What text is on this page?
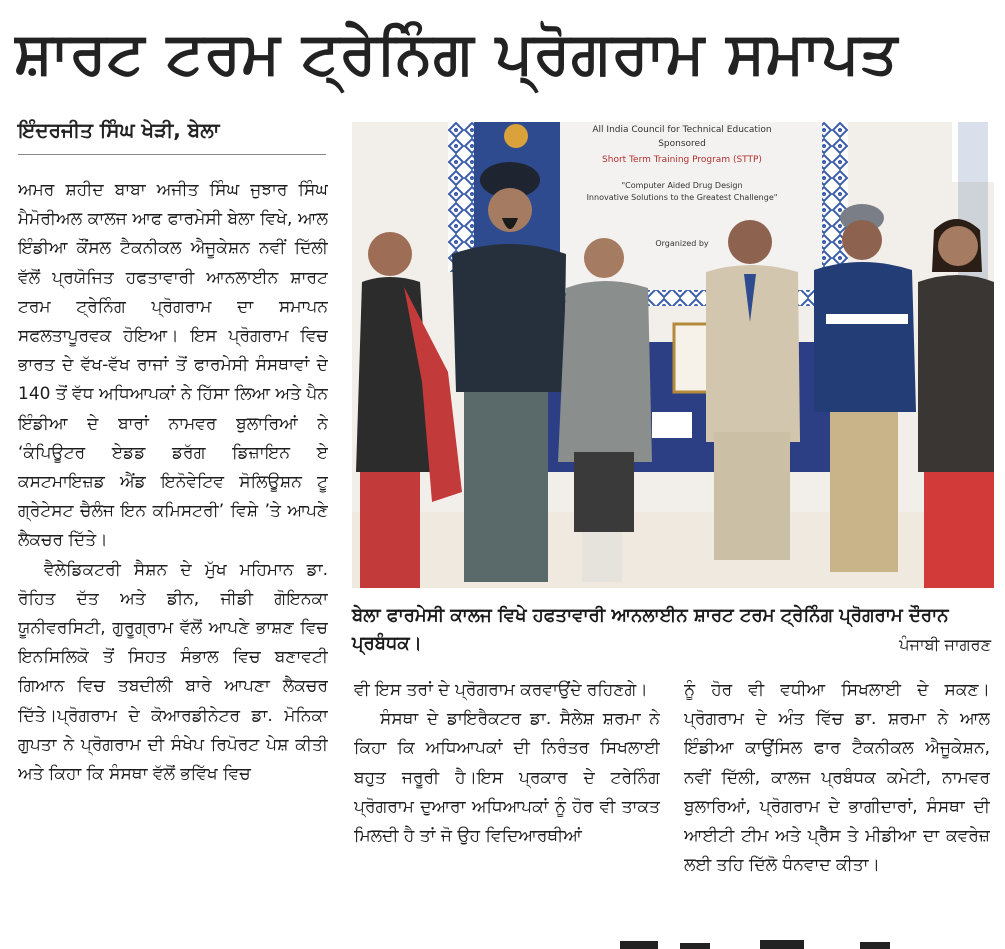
ਸ਼ਾਰਟ ਟਰਮ ਟ੍ਰੇਨਿੰਗ ਪ੍ਰੋਗਰਾਮ ਸਮਾਪਤ
ਇੰਦਰਜੀਤ ਸਿੰਘ ਖੇੜੀ, ਬੇਲਾ

ਅਮਰ ਸ਼ਹੀਦ ਬਾਬਾ ਅਜੀਤ ਸਿੰਘ ਜੁਝਾਰ ਸਿੰਘ ਮੈਮੋਰੀਅਲ ਕਾਲਜ ਆਫ ਫਾਰਮੇਸੀ ਬੇਲਾ ਵਿਖੇ, ਆਲ ਇੰਡੀਆ ਕੌਂਸਲ ਟੈਕਨੀਕਲ ਐਜੂਕੇਸ਼ਨ ਨਵੀਂ ਦਿੱਲੀ ਵੱਲੋਂ ਪ੍ਰਯੋਜਿਤ ਹਫਤਾਵਾਰੀ ਆਨਲਾਈਨ ਸ਼ਾਰਟ ਟਰਮ ਟ੍ਰੇਨਿੰਗ ਪ੍ਰੋਗਰਾਮ ਦਾ ਸਮਾਪਨ ਸਫਲਤਾਪੂਰਵਕ ਹੋਇਆ। ਇਸ ਪ੍ਰੋਗਰਾਮ ਵਿਚ ਭਾਰਤ ਦੇ ਵੱਖ-ਵੱਖ ਰਾਜਾਂ ਤੋਂ ਫਾਰਮੇਸੀ ਸੰਸਥਾਵਾਂ ਦੇ 140 ਤੋਂ ਵੱਧ ਅਧਿਆਪਕਾਂ ਨੇ ਹਿੱਸਾ ਲਿਆ ਅਤੇ ਪੈਨ ਇੰਡੀਆ ਦੇ ਬਾਰਾਂ ਨਾਮਵਰ ਬੁਲਾਰਿਆਂ ਨੇ ‘ਕੰਪਿਊਟਰ ਏਡਡ ਡਰੱਗ ਡਿਜ਼ਾਇਨ ਏ ਕਸਟਮਾਇਜ਼ਡ ਐਂਡ ਇਨੋਵੇਟਿਵ ਸੋਲਿਊਸ਼ਨ ਟੂ ਗ੍ਰੇਟੇਸਟ ਚੈਲੰਜ ਇਨ ਕਮਿਸਟਰੀ’ ਵਿਸ਼ੇ ’ਤੇ ਆਪਣੇ ਲੈਕਚਰ ਦਿੱਤੇ।

ਵੈਲੇਡਿਕਟਰੀ ਸੈਸ਼ਨ ਦੇ ਮੁੱਖ ਮਹਿਮਾਨ ਡਾ. ਰੋਹਿਤ ਦੱਤ ਅਤੇ ਡੀਨ, ਜੀਡੀ ਗੋਇਨਕਾ ਯੂਨੀਵਰਸਿਟੀ, ਗੁਰੂਗ੍ਰਾਮ ਵੱਲੋਂ ਆਪਣੇ ਭਾਸ਼ਣ ਵਿਚ ਇਨਸਿਲਿਕੋ ਤੋਂ ਸਿਹਤ ਸੰਭਾਲ ਵਿਚ ਬਣਾਵਟੀ ਗਿਆਨ ਵਿਚ ਤਬਦੀਲੀ ਬਾਰੇ ਆਪਣਾ ਲੈਕਚਰ ਦਿੱਤੇ।ਪ੍ਰੋਗਰਾਮ ਦੇ ਕੋਆਰਡੀਨੇਟਰ ਡਾ. ਮੋਨਿਕਾ ਗੁਪਤਾ ਨੇ ਪ੍ਰੋਗਰਾਮ ਦੀ ਸੰਖੇਪ ਰਿਪੋਰਟ ਪੇਸ਼ ਕੀਤੀ ਅਤੇ ਕਿਹਾ ਕਿ ਸੰਸਥਾ ਵੱਲੋਂ ਭਵਿੱਖ ਵਿਚ

All India Council for Technical Education
Sponsored
Short Term Training Program (STTP)
"Computer Aided Drug Design
Innovative Solutions to the Greatest Challenge"
Organized by
ਬੇਲਾ ਫਾਰਮੇਸੀ ਕਾਲਜ ਵਿਖੇ ਹਫਤਾਵਾਰੀ ਆਨਲਾਈਨ ਸ਼ਾਰਟ ਟਰਮ ਟ੍ਰੇਨਿੰਗ ਪ੍ਰੋਗਰਾਮ ਦੌਰਾਨ ਪ੍ਰਬੰਧਕ।	ਪੰਜਾਬੀ ਜਾਗਰਣ

ਵੀ ਇਸ ਤਰਾਂ ਦੇ ਪ੍ਰੋਗਰਾਮ ਕਰਵਾਉਂਦੇ ਰਹਿਣਗੇ।

ਸੰਸਥਾ ਦੇ ਡਾਇਰੈਕਟਰ ਡਾ. ਸੈਲੇਸ਼ ਸ਼ਰਮਾ ਨੇ ਕਿਹਾ ਕਿ ਅਧਿਆਪਕਾਂ ਦੀ ਨਿਰੰਤਰ ਸਿਖਲਾਈ ਬਹੁਤ ਜਰੂਰੀ ਹੈ।ਇਸ ਪ੍ਰਕਾਰ ਦੇ ਟਰੇਨਿੰਗ ਪ੍ਰੋਗਰਾਮ ਦੁਆਰਾ ਅਧਿਆਪਕਾਂ ਨੂੰ ਹੋਰ ਵੀ ਤਾਕਤ ਮਿਲਦੀ ਹੈ ਤਾਂ ਜੋ ਉਹ ਵਿਦਿਆਰਥੀਆਂ

ਨੂੰ ਹੋਰ ਵੀ ਵਧੀਆ ਸਿਖਲਾਈ ਦੇ ਸਕਣ। ਪ੍ਰੋਗਰਾਮ ਦੇ ਅੰਤ ਵਿੱਚ ਡਾ. ਸ਼ਰਮਾ ਨੇ ਆਲ ਇੰਡੀਆ ਕਾਉਂਸਿਲ ਫਾਰ ਟੈਕਨੀਕਲ ਐਜੂਕੇਸ਼ਨ, ਨਵੀਂ ਦਿੱਲੀ, ਕਾਲਜ ਪ੍ਰਬੰਧਕ ਕਮੇਟੀ, ਨਾਮਵਰ ਬੁਲਾਰਿਆਂ, ਪ੍ਰੋਗਰਾਮ ਦੇ ਭਾਗੀਦਾਰਾਂ, ਸੰਸਥਾ ਦੀ ਆਈਟੀ ਟੀਮ ਅਤੇ ਪ੍ਰੈੱਸ ਤੇ ਮੀਡੀਆ ਦਾ ਕਵਰੇਜ਼ ਲਈ ਤਹਿ ਦਿੱਲੋ ਧੰਨਵਾਦ ਕੀਤਾ।
